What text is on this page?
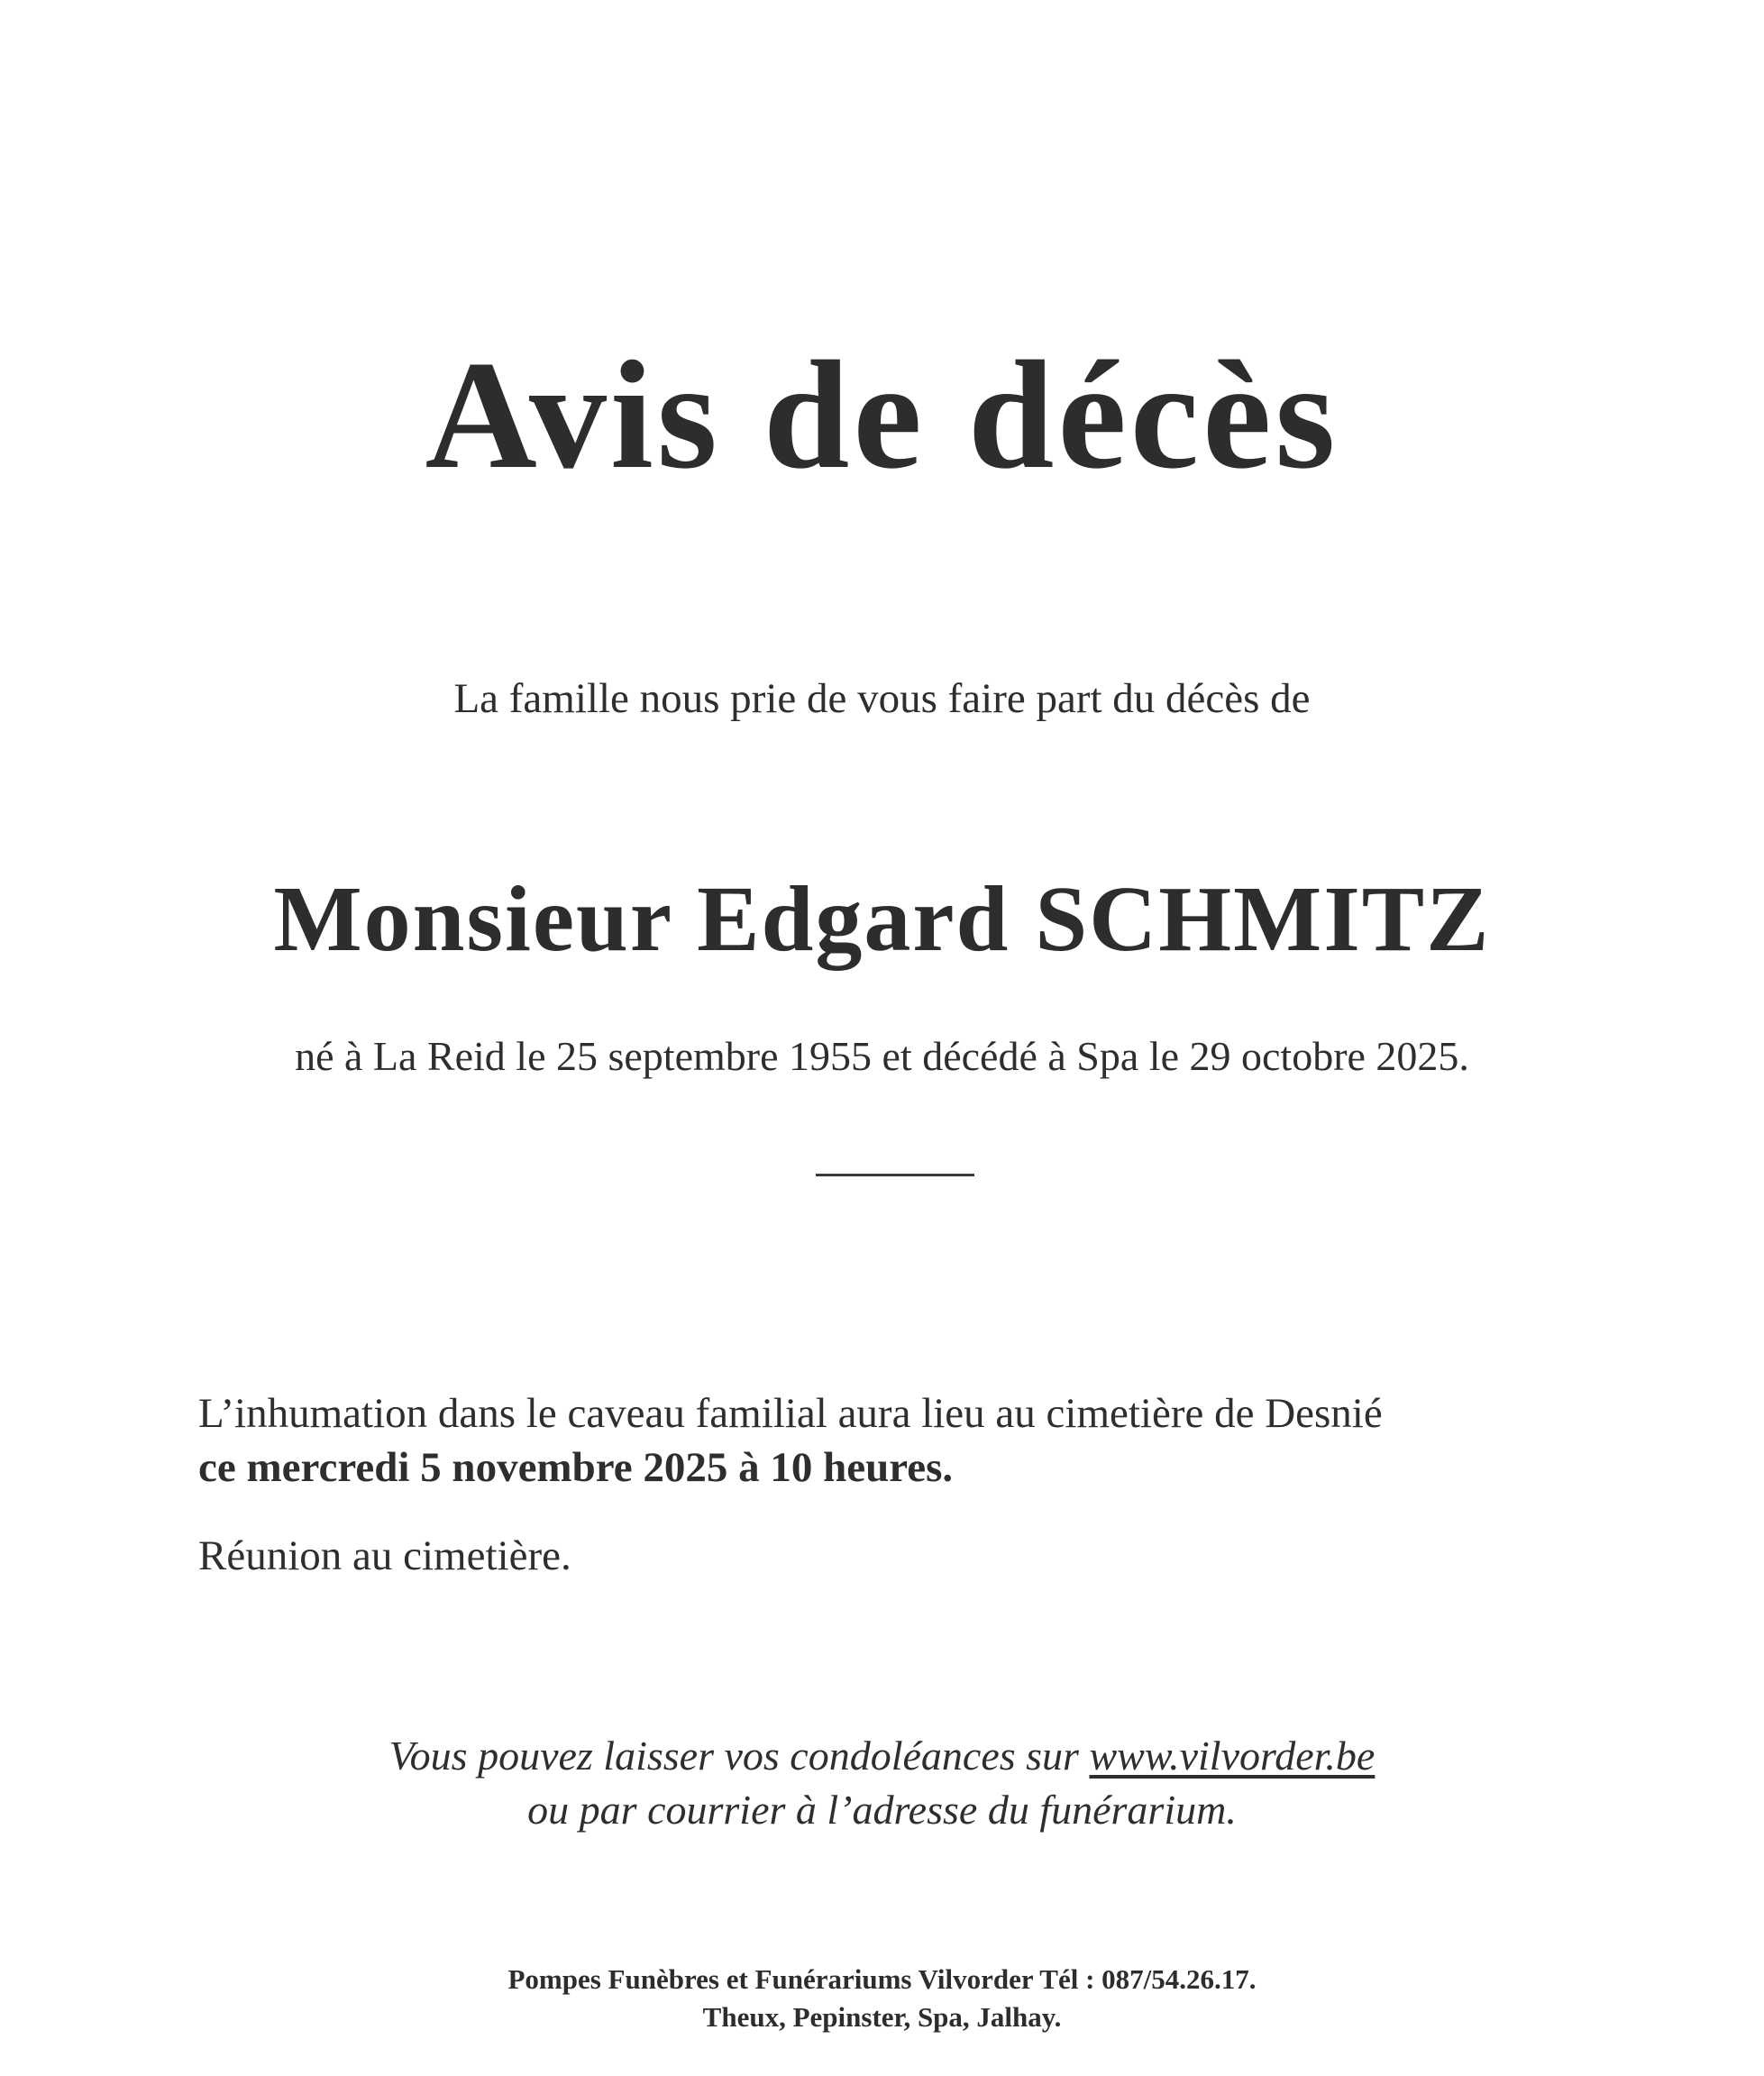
Avis de décès
La famille nous prie de vous faire part du décès de
Monsieur Edgard SCHMITZ
né à La Reid le 25 septembre 1955 et décédé à Spa le 29 octobre 2025.
L’inhumation dans le caveau familial aura lieu au cimetière de Desnié
ce mercredi 5 novembre 2025 à 10 heures.
Réunion au cimetière.
Vous pouvez laisser vos condoléances sur www.vilvorder.be
ou par courrier à l’adresse du funérarium.
Pompes Funèbres et Funérariums Vilvorder Tél : 087/54.26.17.
Theux, Pepinster, Spa, Jalhay.
